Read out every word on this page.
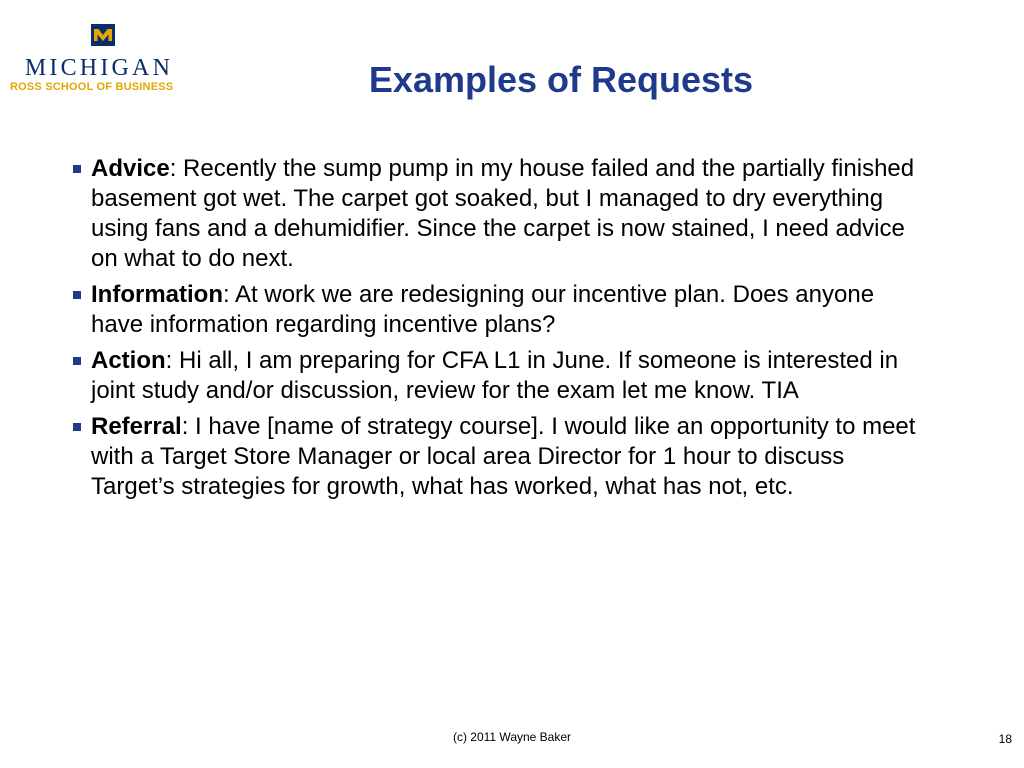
MICHIGAN
ROSS SCHOOL OF BUSINESS	Examples of Requests
Advice: Recently the sump pump in my house failed and the partially finished basement got wet. The carpet got soaked, but I managed to dry everything using fans and a dehumidifier. Since the carpet is now stained, I need advice on what to do next.
Information: At work we are redesigning our incentive plan. Does anyone have information regarding incentive plans?
Action: Hi all, I am preparing for CFA L1 in June. If someone is interested in joint study and/or discussion, review for the exam let me know. TIA
Referral: I have [name of strategy course]. I would like an opportunity to meet with a Target Store Manager or local area Director for 1 hour to discuss Target’s strategies for growth, what has worked, what has not, etc.
(c) 2011 Wayne Baker	18
